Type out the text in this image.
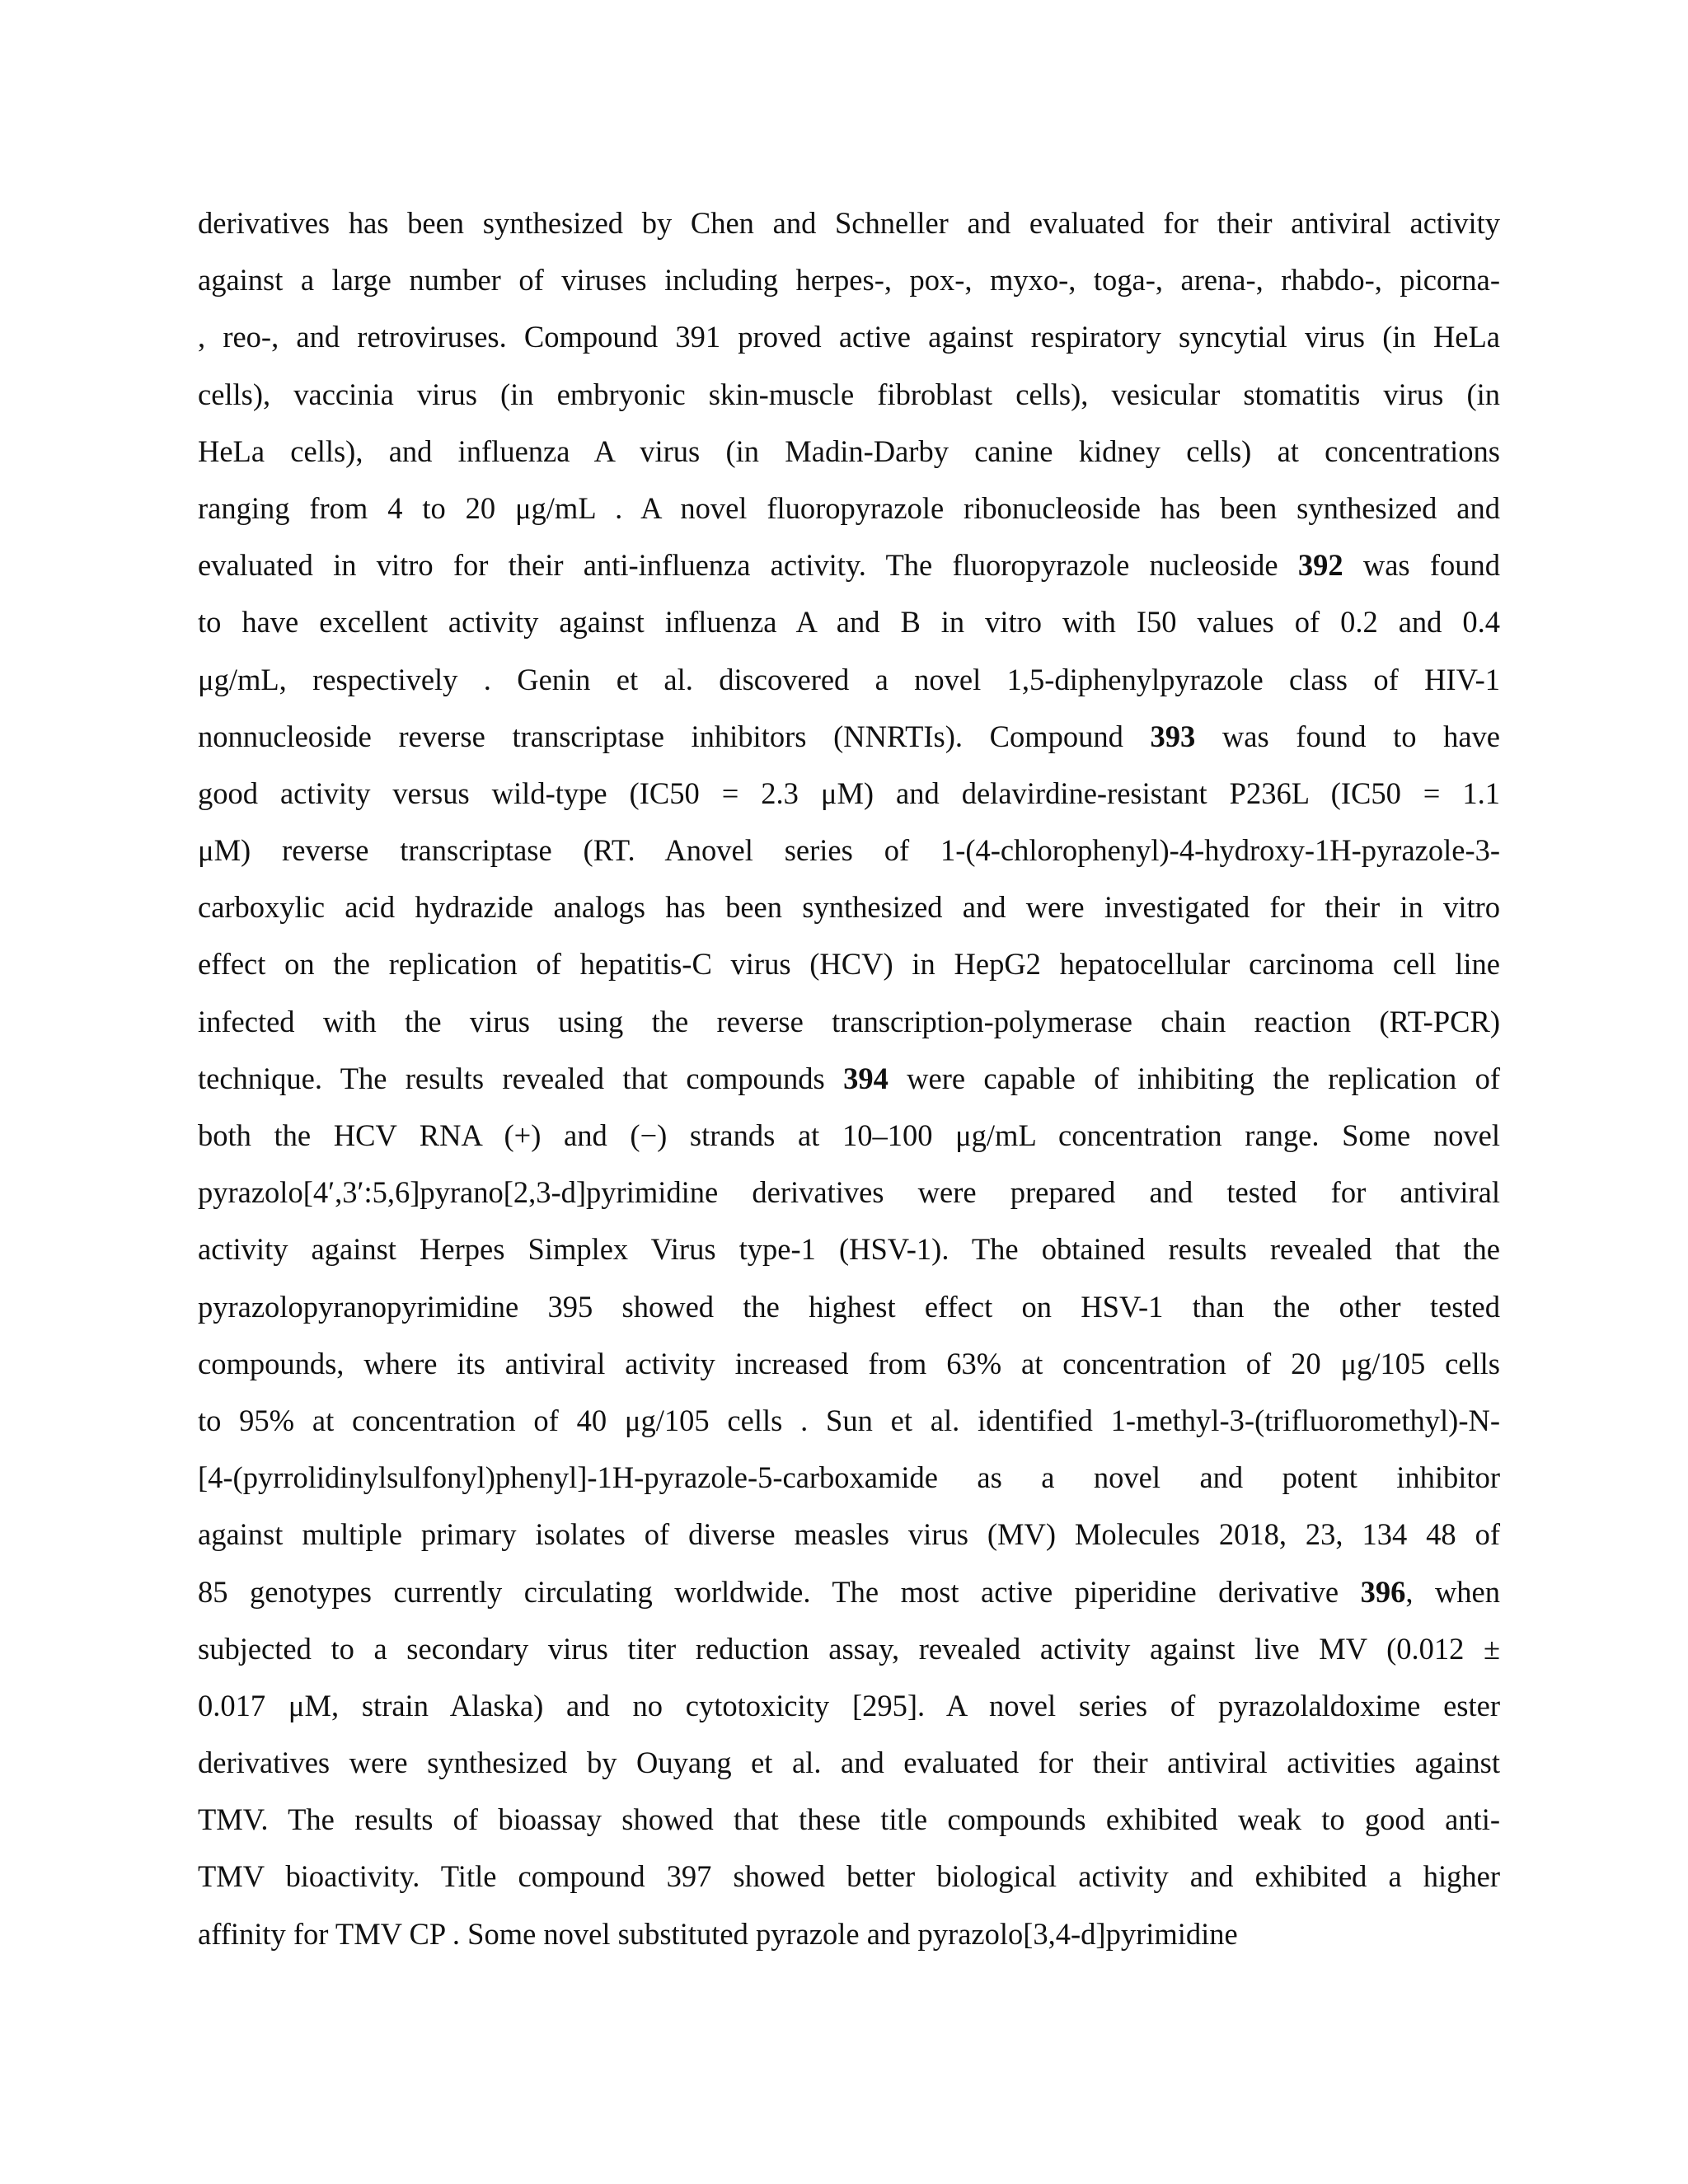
derivatives has been synthesized by Chen and Schneller and evaluated for their antiviral activity
against a large number of viruses including herpes-, pox-, myxo-, toga-, arena-, rhabdo-, picorna-
, reo-, and retroviruses. Compound 391 proved active against respiratory syncytial virus (in HeLa
cells), vaccinia virus (in embryonic skin-muscle fibroblast cells), vesicular stomatitis virus (in
HeLa cells), and influenza A virus (in Madin-Darby canine kidney cells) at concentrations
ranging from 4 to 20 μg/mL . A novel fluoropyrazole ribonucleoside has been synthesized and
evaluated in vitro for their anti-influenza activity. The fluoropyrazole nucleoside 392 was found
to have excellent activity against influenza A and B in vitro with I50 values of 0.2 and 0.4
μg/mL, respectively . Genin et al. discovered a novel 1,5-diphenylpyrazole class of HIV-1
nonnucleoside reverse transcriptase inhibitors (NNRTIs). Compound 393 was found to have
good activity versus wild-type (IC50 = 2.3 μM) and delavirdine-resistant P236L (IC50 = 1.1
μM) reverse transcriptase (RT. Anovel series of 1-(4-chlorophenyl)-4-hydroxy-1H-pyrazole-3-
carboxylic acid hydrazide analogs has been synthesized and were investigated for their in vitro
effect on the replication of hepatitis-C virus (HCV) in HepG2 hepatocellular carcinoma cell line
infected with the virus using the reverse transcription-polymerase chain reaction (RT-PCR)
technique. The results revealed that compounds 394 were capable of inhibiting the replication of
both the HCV RNA (+) and (−) strands at 10–100 μg/mL concentration range. Some novel
pyrazolo[4′,3′:5,6]pyrano[2,3-d]pyrimidine derivatives were prepared and tested for antiviral
activity against Herpes Simplex Virus type-1 (HSV-1). The obtained results revealed that the
pyrazolopyranopyrimidine 395 showed the highest effect on HSV-1 than the other tested
compounds, where its antiviral activity increased from 63% at concentration of 20 μg/105 cells
to 95% at concentration of 40 μg/105 cells . Sun et al. identified 1-methyl-3-(trifluoromethyl)-N-
[4-(pyrrolidinylsulfonyl)phenyl]-1H-pyrazole-5-carboxamide as a novel and potent inhibitor
against multiple primary isolates of diverse measles virus (MV) Molecules 2018, 23, 134 48 of
85 genotypes currently circulating worldwide. The most active piperidine derivative 396, when
subjected to a secondary virus titer reduction assay, revealed activity against live MV (0.012 ±
0.017 μM, strain Alaska) and no cytotoxicity [295]. A novel series of pyrazolaldoxime ester
derivatives were synthesized by Ouyang et al. and evaluated for their antiviral activities against
TMV. The results of bioassay showed that these title compounds exhibited weak to good anti-
TMV bioactivity. Title compound 397 showed better biological activity and exhibited a higher
affinity for TMV CP . Some novel substituted pyrazole and pyrazolo[3,4-d]pyrimidine
